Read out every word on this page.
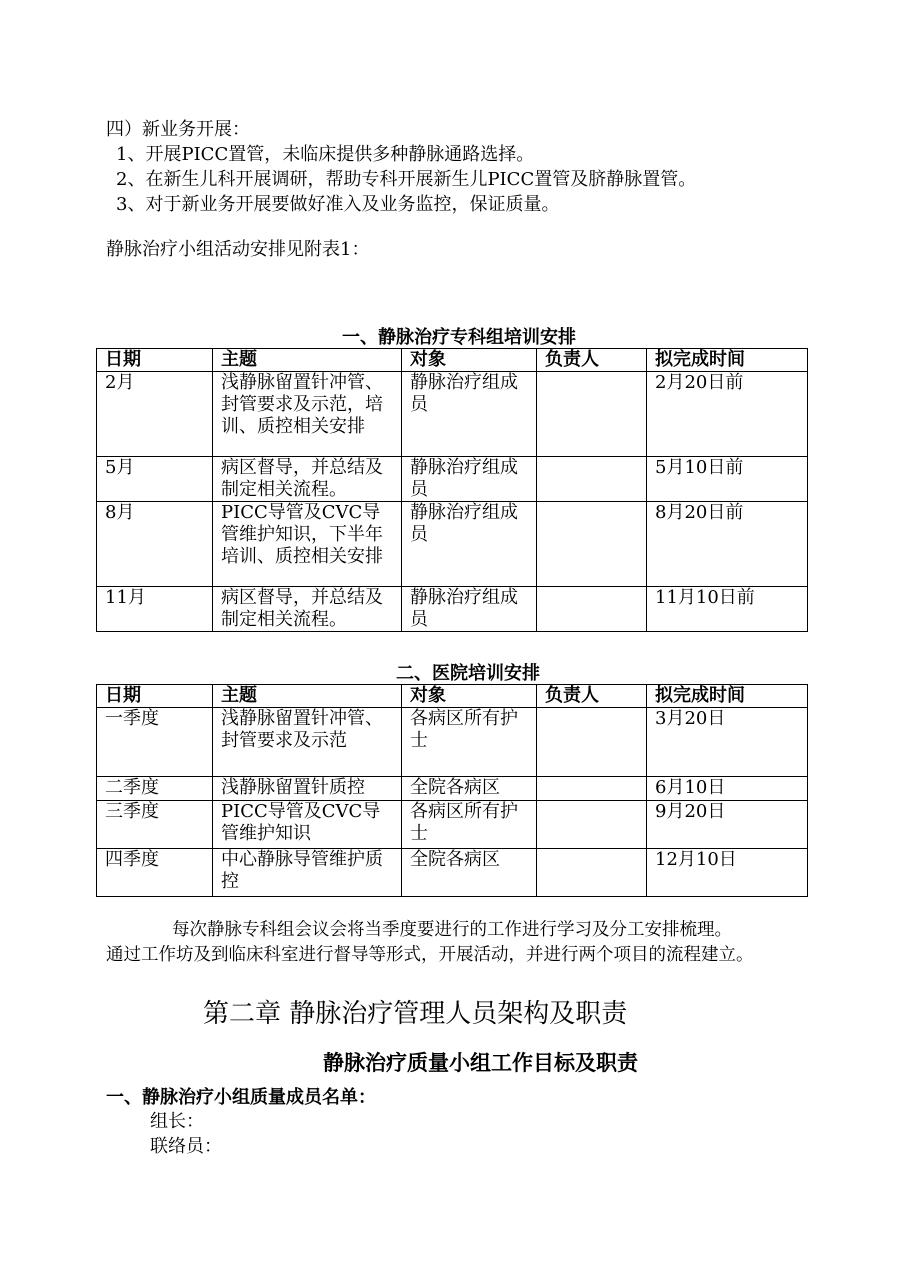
四）新业务开展：
1、开展PICC置管，未临床提供多种静脉通路选择。
2、在新生儿科开展调研，帮助专科开展新生儿PICC置管及脐静脉置管。
3、对于新业务开展要做好准入及业务监控，保证质量。
静脉治疗小组活动安排见附表1：
一、静脉治疗专科组培训安排
日期	主题	对象	负责人	拟完成时间
2月	浅静脉留置针冲管、封管要求及示范，培训、质控相关安排	静脉治疗组成员		2月20日前
5月	病区督导，并总结及制定相关流程。	静脉治疗组成员		5月10日前
8月	PICC导管及CVC导管维护知识，下半年培训、质控相关安排	静脉治疗组成员		8月20日前
11月	病区督导，并总结及制定相关流程。	静脉治疗组成员		11月10日前
二、医院培训安排
日期	主题	对象	负责人	拟完成时间
一季度	浅静脉留置针冲管、封管要求及示范	各病区所有护士		3月20日
二季度	浅静脉留置针质控	全院各病区		6月10日
三季度	PICC导管及CVC导管维护知识	各病区所有护士		9月20日
四季度	中心静脉导管维护质控	全院各病区		12月10日
每次静脉专科组会议会将当季度要进行的工作进行学习及分工安排梳理。
通过工作坊及到临床科室进行督导等形式，开展活动，并进行两个项目的流程建立。
第二章 静脉治疗管理人员架构及职责
静脉治疗质量小组工作目标及职责
一、静脉治疗小组质量成员名单：
组长：
联络员：
